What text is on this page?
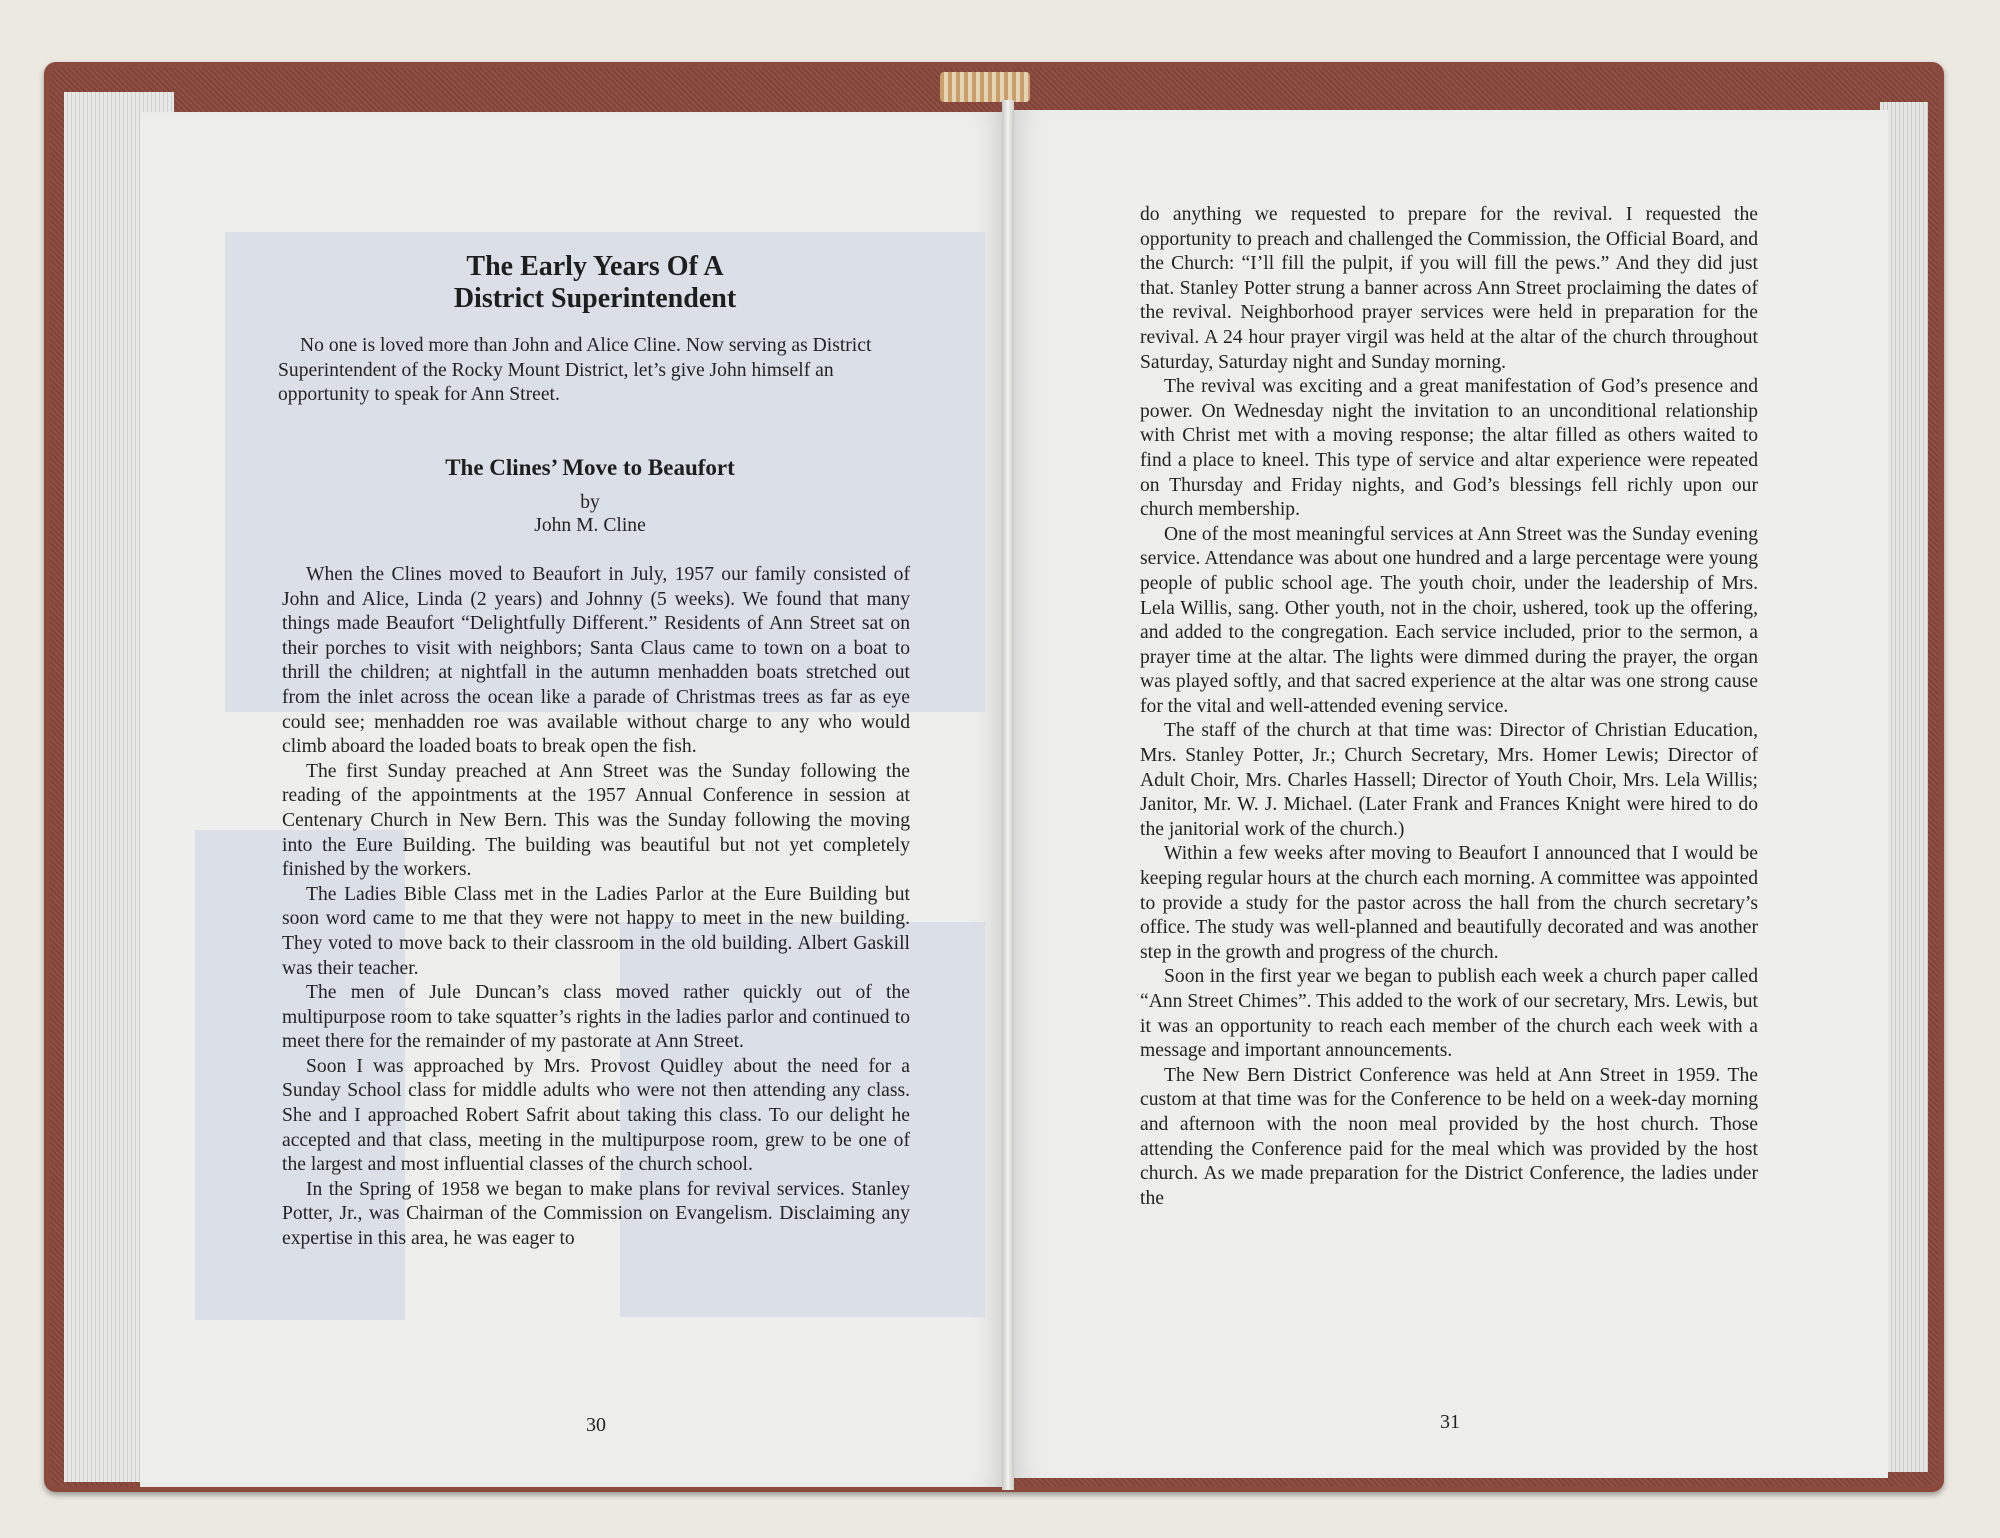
The Early Years Of A
District Superintendent
No one is loved more than John and Alice Cline. Now serving as District Superintendent of the Rocky Mount District, let’s give John himself an opportunity to speak for Ann Street.
The Clines’ Move to Beaufort
by
John M. Cline

When the Clines moved to Beaufort in July, 1957 our family consisted of John and Alice, Linda (2 years) and Johnny (5 weeks). We found that many things made Beaufort “Delightfully Different.” Residents of Ann Street sat on their porches to visit with neighbors; Santa Claus came to town on a boat to thrill the children; at nightfall in the autumn menhadden boats stretched out from the inlet across the ocean like a parade of Christmas trees as far as eye could see; menhadden roe was available without charge to any who would climb aboard the loaded boats to break open the fish.

The first Sunday preached at Ann Street was the Sunday following the reading of the appointments at the 1957 Annual Conference in session at Centenary Church in New Bern. This was the Sunday following the moving into the Eure Building. The building was beautiful but not yet completely finished by the workers.

The Ladies Bible Class met in the Ladies Parlor at the Eure Building but soon word came to me that they were not happy to meet in the new building. They voted to move back to their classroom in the old building. Albert Gaskill was their teacher.

The men of Jule Duncan’s class moved rather quickly out of the multipurpose room to take squatter’s rights in the ladies parlor and continued to meet there for the remainder of my pastorate at Ann Street.

Soon I was approached by Mrs. Provost Quidley about the need for a Sunday School class for middle adults who were not then attending any class. She and I approached Robert Safrit about taking this class. To our delight he accepted and that class, meeting in the multipurpose room, grew to be one of the largest and most influential classes of the church school.

In the Spring of 1958 we began to make plans for revival services. Stanley Potter, Jr., was Chairman of the Commission on Evangelism. Disclaiming any expertise in this area, he was eager to

30

do anything we requested to prepare for the revival. I requested the opportunity to preach and challenged the Commission, the Official Board, and the Church: “I’ll fill the pulpit, if you will fill the pews.” And they did just that. Stanley Potter strung a banner across Ann Street proclaiming the dates of the revival. Neighborhood prayer services were held in preparation for the revival. A 24 hour prayer virgil was held at the altar of the church throughout Saturday, Saturday night and Sunday morning.

The revival was exciting and a great manifestation of God’s presence and power. On Wednesday night the invitation to an unconditional relationship with Christ met with a moving response; the altar filled as others waited to find a place to kneel. This type of service and altar experience were repeated on Thursday and Friday nights, and God’s blessings fell richly upon our church membership.

One of the most meaningful services at Ann Street was the Sunday evening service. Attendance was about one hundred and a large percentage were young people of public school age. The youth choir, under the leadership of Mrs. Lela Willis, sang. Other youth, not in the choir, ushered, took up the offering, and added to the congregation. Each service included, prior to the sermon, a prayer time at the altar. The lights were dimmed during the prayer, the organ was played softly, and that sacred experience at the altar was one strong cause for the vital and well-attended evening service.

The staff of the church at that time was: Director of Christian Education, Mrs. Stanley Potter, Jr.; Church Secretary, Mrs. Homer Lewis; Director of Adult Choir, Mrs. Charles Hassell; Director of Youth Choir, Mrs. Lela Willis; Janitor, Mr. W. J. Michael. (Later Frank and Frances Knight were hired to do the janitorial work of the church.)

Within a few weeks after moving to Beaufort I announced that I would be keeping regular hours at the church each morning. A committee was appointed to provide a study for the pastor across the hall from the church secretary’s office. The study was well-planned and beautifully decorated and was another step in the growth and progress of the church.

Soon in the first year we began to publish each week a church paper called “Ann Street Chimes”. This added to the work of our secretary, Mrs. Lewis, but it was an opportunity to reach each member of the church each week with a message and important announcements.

The New Bern District Conference was held at Ann Street in 1959. The custom at that time was for the Conference to be held on a week-day morning and afternoon with the noon meal provided by the host church. Those attending the Conference paid for the meal which was provided by the host church. As we made preparation for the District Conference, the ladies under the

31
